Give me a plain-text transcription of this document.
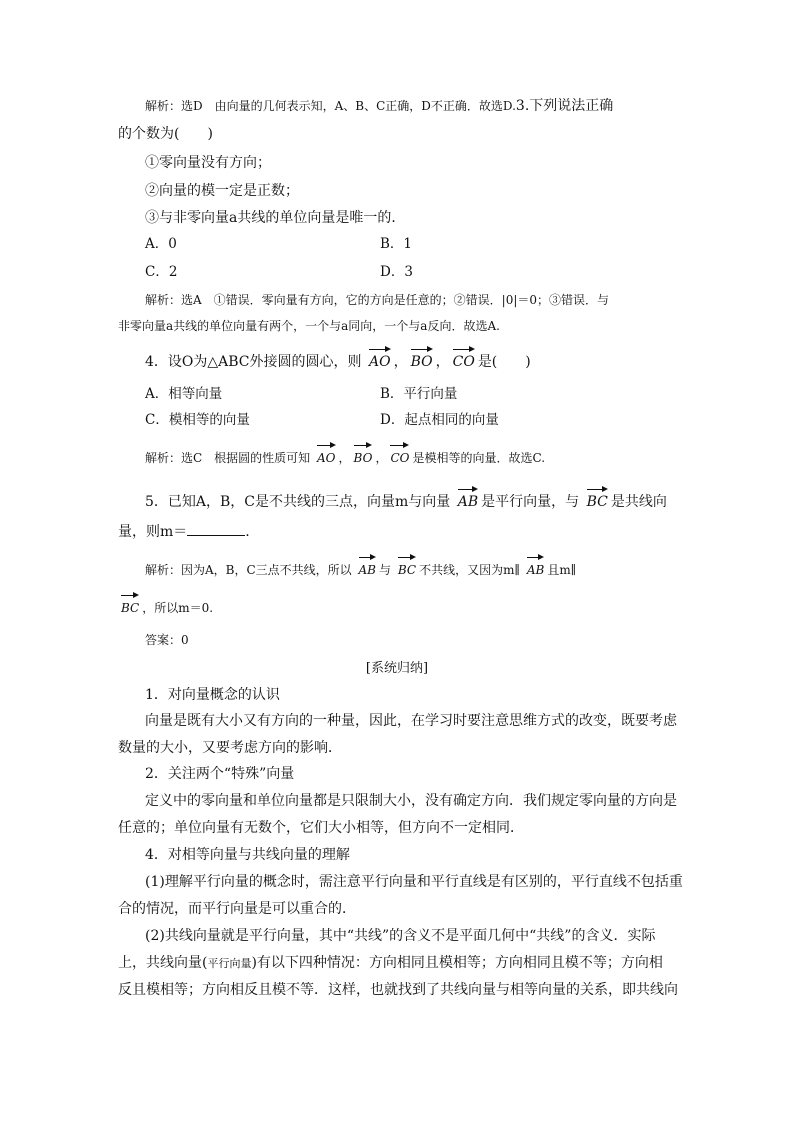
解析：选D　由向量的几何表示知，A、B、C正确，D不正确．故选D.3.下列说法正确
的个数为(　　)
①零向量没有方向；
②向量的模一定是正数；
③与非零向量a共线的单位向量是唯一的．
A．0	B．1
C．2	D．3
解析：选A　①错误．零向量有方向，它的方向是任意的；②错误．|0|＝0；③错误．与
非零向量a共线的单位向量有两个，一个与a同向，一个与a反向．故选A.
4．设O为△ABC外接圆的圆心，则 AO ， BO ， CO 是(　　)
A．相等向量	B．平行向量
C．模相等的向量	D．起点相同的向量
解析：选C　根据圆的性质可知 AO ， BO ， CO 是模相等的向量．故选C.
5．已知A，B，C是不共线的三点，向量m与向量 AB 是平行向量，与 BC 是共线向
量，则m＝	.
解析：因为A，B，C三点不共线，所以 AB 与 BC 不共线，又因为m∥ AB 且m∥
BC ，所以m＝0.
答案：0
[系统归纳]
1．对向量概念的认识
向量是既有大小又有方向的一种量，因此，在学习时要注意思维方式的改变，既要考虑
数量的大小，又要考虑方向的影响．
2．关注两个“特殊”向量
定义中的零向量和单位向量都是只限制大小，没有确定方向．我们规定零向量的方向是
任意的；单位向量有无数个，它们大小相等，但方向不一定相同．
4．对相等向量与共线向量的理解
(1)理解平行向量的概念时，需注意平行向量和平行直线是有区别的，平行直线不包括重
合的情况，而平行向量是可以重合的．
(2)共线向量就是平行向量，其中“共线”的含义不是平面几何中“共线”的含义．实际
上，共线向量(平行向量)有以下四种情况：方向相同且模相等；方向相同且模不等；方向相
反且模相等；方向相反且模不等．这样，也就找到了共线向量与相等向量的关系，即共线向
